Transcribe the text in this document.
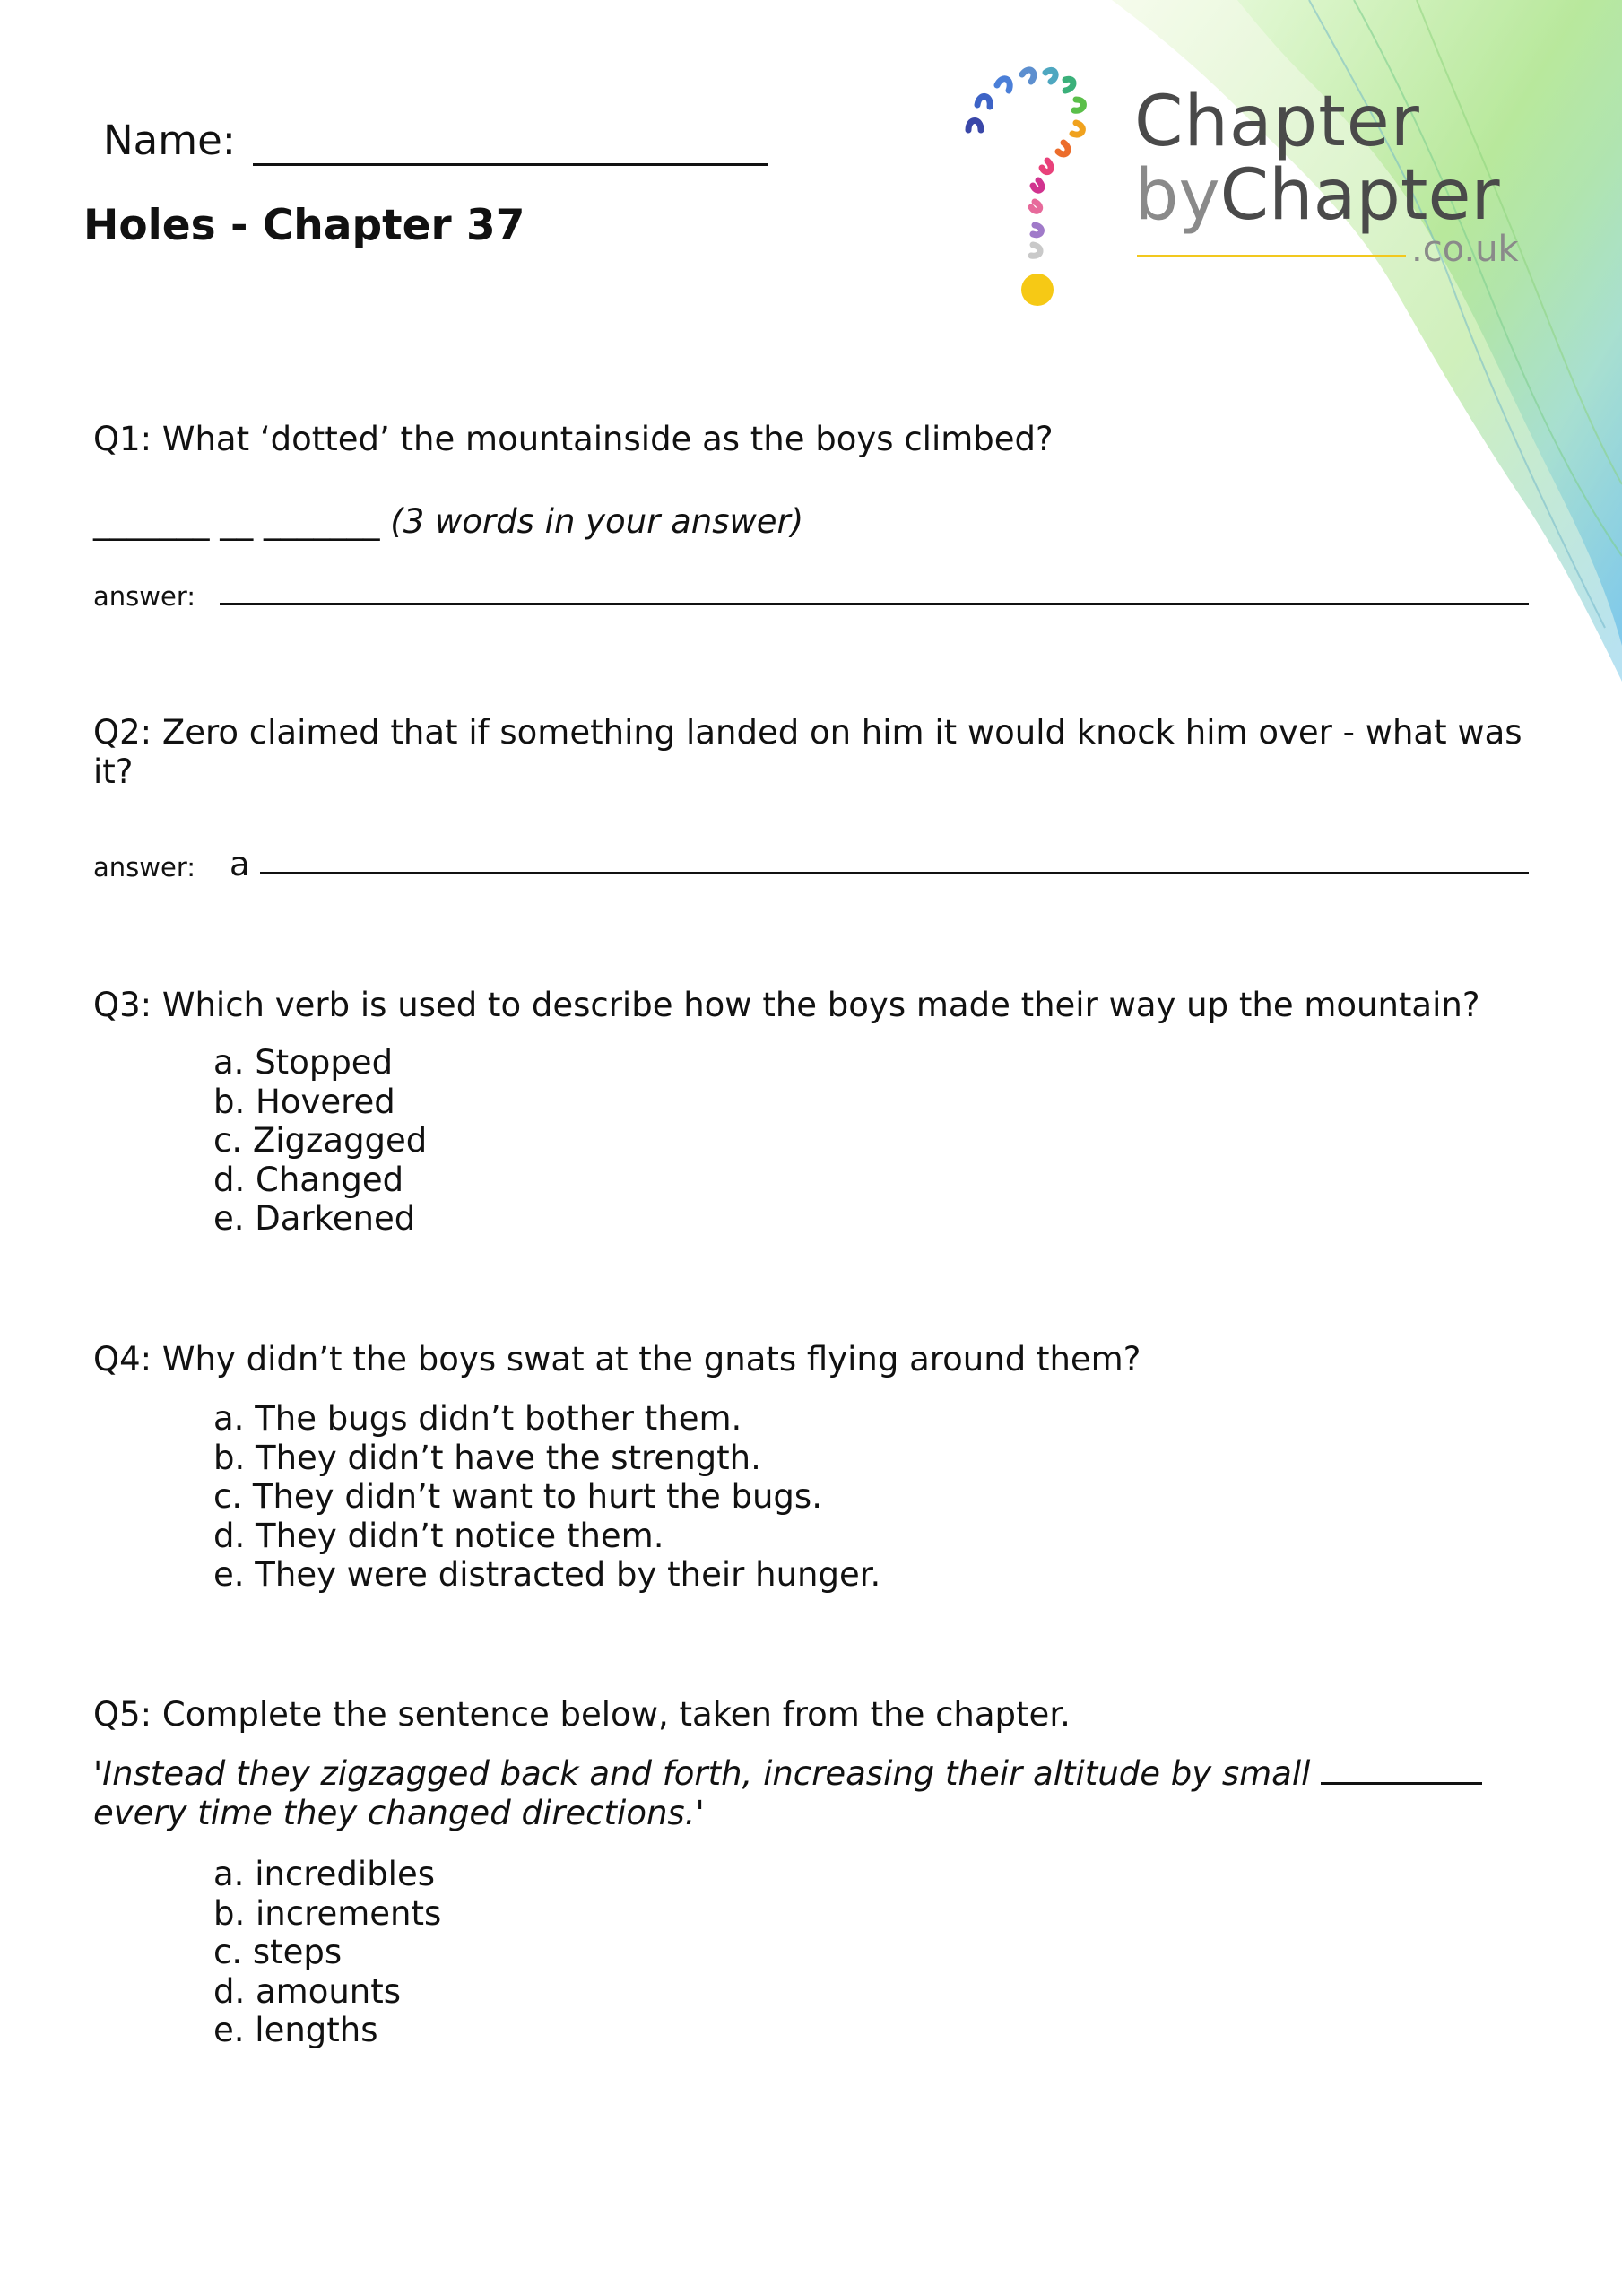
Chapter
byChapter
.co.uk
Name:
Holes - Chapter 37
Q1: What ‘dotted’ the mountainside as the boys climbed?
_______ __ _______ (3 words in your answer)
answer:
Q2: Zero claimed that if something landed on him it would knock him over - what was it?
answer: a
Q3: Which verb is used to describe how the boys made their way up the mountain?
a. Stopped
b. Hovered
c. Zigzagged
d. Changed
e. Darkened
Q4: Why didn’t the boys swat at the gnats flying around them?
a. The bugs didn’t bother them.
b. They didn’t have the strength.
c. They didn’t want to hurt the bugs.
d. They didn’t notice them.
e. They were distracted by their hunger.
Q5: Complete the sentence below, taken from the chapter.
'Instead they zigzagged back and forth, increasing their altitude by small
every time they changed directions.'
a. incredibles
b. increments
c. steps
d. amounts
e. lengths
